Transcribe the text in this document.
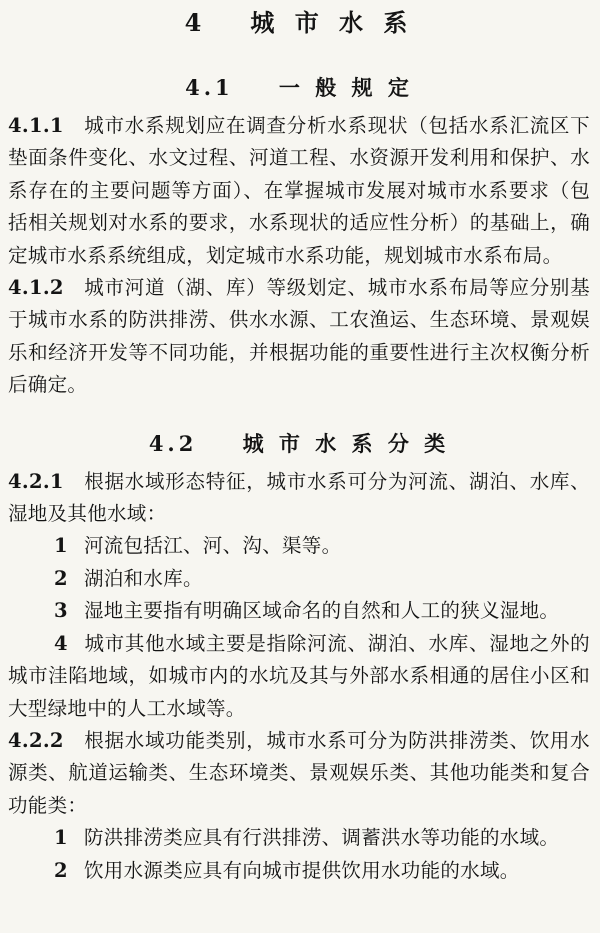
4 城 市 水 系
4.1 一 般 规 定

4.1.1 城市水系规划应在调查分析水系现状（包括水系汇流区下垫面条件变化、水文过程、河道工程、水资源开发利用和保护、水系存在的主要问题等方面）、在掌握城市发展对城市水系要求（包括相关规划对水系的要求，水系现状的适应性分析）的基础上，确定城市水系系统组成，划定城市水系功能，规划城市水系布局。

4.1.2 城市河道（湖、库）等级划定、城市水系布局等应分别基于城市水系的防洪排涝、供水水源、工农渔运、生态环境、景观娱乐和经济开发等不同功能，并根据功能的重要性进行主次权衡分析后确定。

4.2 城 市 水 系 分 类

4.2.1 根据水域形态特征，城市水系可分为河流、湖泊、水库、湿地及其他水域：

1 河流包括江、河、沟、渠等。

2 湖泊和水库。

3 湿地主要指有明确区域命名的自然和人工的狭义湿地。

4 城市其他水域主要是指除河流、湖泊、水库、湿地之外的城市洼陷地域，如城市内的水坑及其与外部水系相通的居住小区和大型绿地中的人工水域等。

4.2.2 根据水域功能类别，城市水系可分为防洪排涝类、饮用水源类、航道运输类、生态环境类、景观娱乐类、其他功能类和复合功能类：

1 防洪排涝类应具有行洪排涝、调蓄洪水等功能的水域。

2 饮用水源类应具有向城市提供饮用水功能的水域。
